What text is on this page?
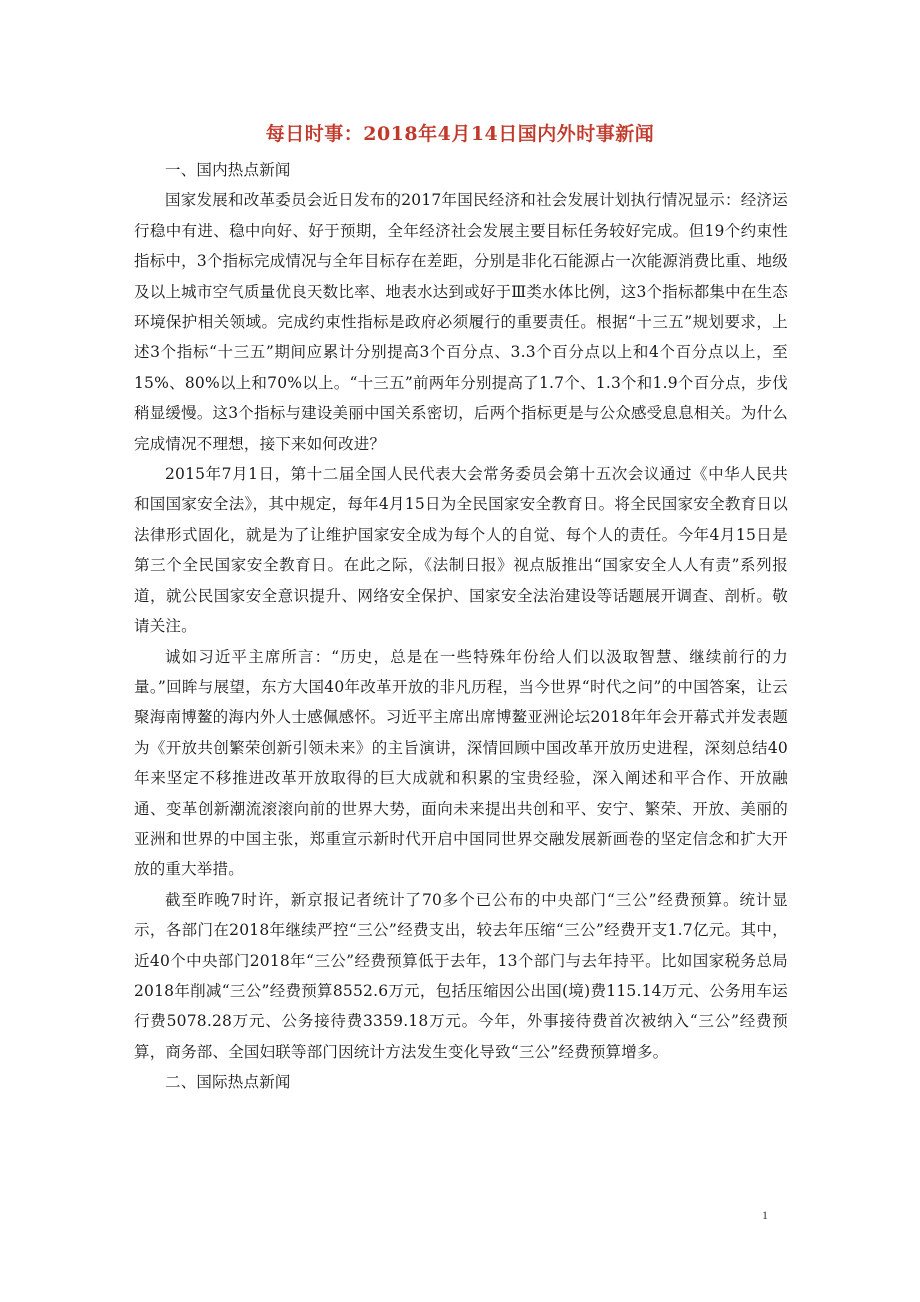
每日时事：2018年4月14日国内外时事新闻

一、国内热点新闻

国家发展和改革委员会近日发布的2017年国民经济和社会发展计划执行情况显示：经济运行稳中有进、稳中向好、好于预期，全年经济社会发展主要目标任务较好完成。但19个约束性指标中，3个指标完成情况与全年目标存在差距，分别是非化石能源占一次能源消费比重、地级及以上城市空气质量优良天数比率、地表水达到或好于Ⅲ类水体比例，这3个指标都集中在生态环境保护相关领域。完成约束性指标是政府必须履行的重要责任。根据“十三五”规划要求，上述3个指标“十三五”期间应累计分别提高3个百分点、3.3个百分点以上和4个百分点以上，至15%、80%以上和70%以上。“十三五”前两年分别提高了1.7个、1.3个和1.9个百分点，步伐稍显缓慢。这3个指标与建设美丽中国关系密切，后两个指标更是与公众感受息息相关。为什么完成情况不理想，接下来如何改进？

2015年7月1日，第十二届全国人民代表大会常务委员会第十五次会议通过《中华人民共和国国家安全法》，其中规定，每年4月15日为全民国家安全教育日。将全民国家安全教育日以法律形式固化，就是为了让维护国家安全成为每个人的自觉、每个人的责任。今年4月15日是第三个全民国家安全教育日。在此之际，《法制日报》视点版推出“国家安全人人有责”系列报道，就公民国家安全意识提升、网络安全保护、国家安全法治建设等话题展开调查、剖析。敬请关注。

诚如习近平主席所言：“历史，总是在一些特殊年份给人们以汲取智慧、继续前行的力量。”回眸与展望，东方大国40年改革开放的非凡历程，当今世界“时代之问”的中国答案，让云聚海南博鳌的海内外人士感佩感怀。习近平主席出席博鳌亚洲论坛2018年年会开幕式并发表题为《开放共创繁荣创新引领未来》的主旨演讲，深情回顾中国改革开放历史进程，深刻总结40年来坚定不移推进改革开放取得的巨大成就和积累的宝贵经验，深入阐述和平合作、开放融通、变革创新潮流滚滚向前的世界大势，面向未来提出共创和平、安宁、繁荣、开放、美丽的亚洲和世界的中国主张，郑重宣示新时代开启中国同世界交融发展新画卷的坚定信念和扩大开放的重大举措。

截至昨晚7时许，新京报记者统计了70多个已公布的中央部门“三公”经费预算。统计显示，各部门在2018年继续严控“三公”经费支出，较去年压缩“三公”经费开支1.7亿元。其中，近40个中央部门2018年“三公”经费预算低于去年，13个部门与去年持平。比如国家税务总局2018年削减“三公”经费预算8552.6万元，包括压缩因公出国(境)费115.14万元、公务用车运行费5078.28万元、公务接待费3359.18万元。今年，外事接待费首次被纳入“三公”经费预算，商务部、全国妇联等部门因统计方法发生变化导致“三公”经费预算增多。

二、国际热点新闻

1
